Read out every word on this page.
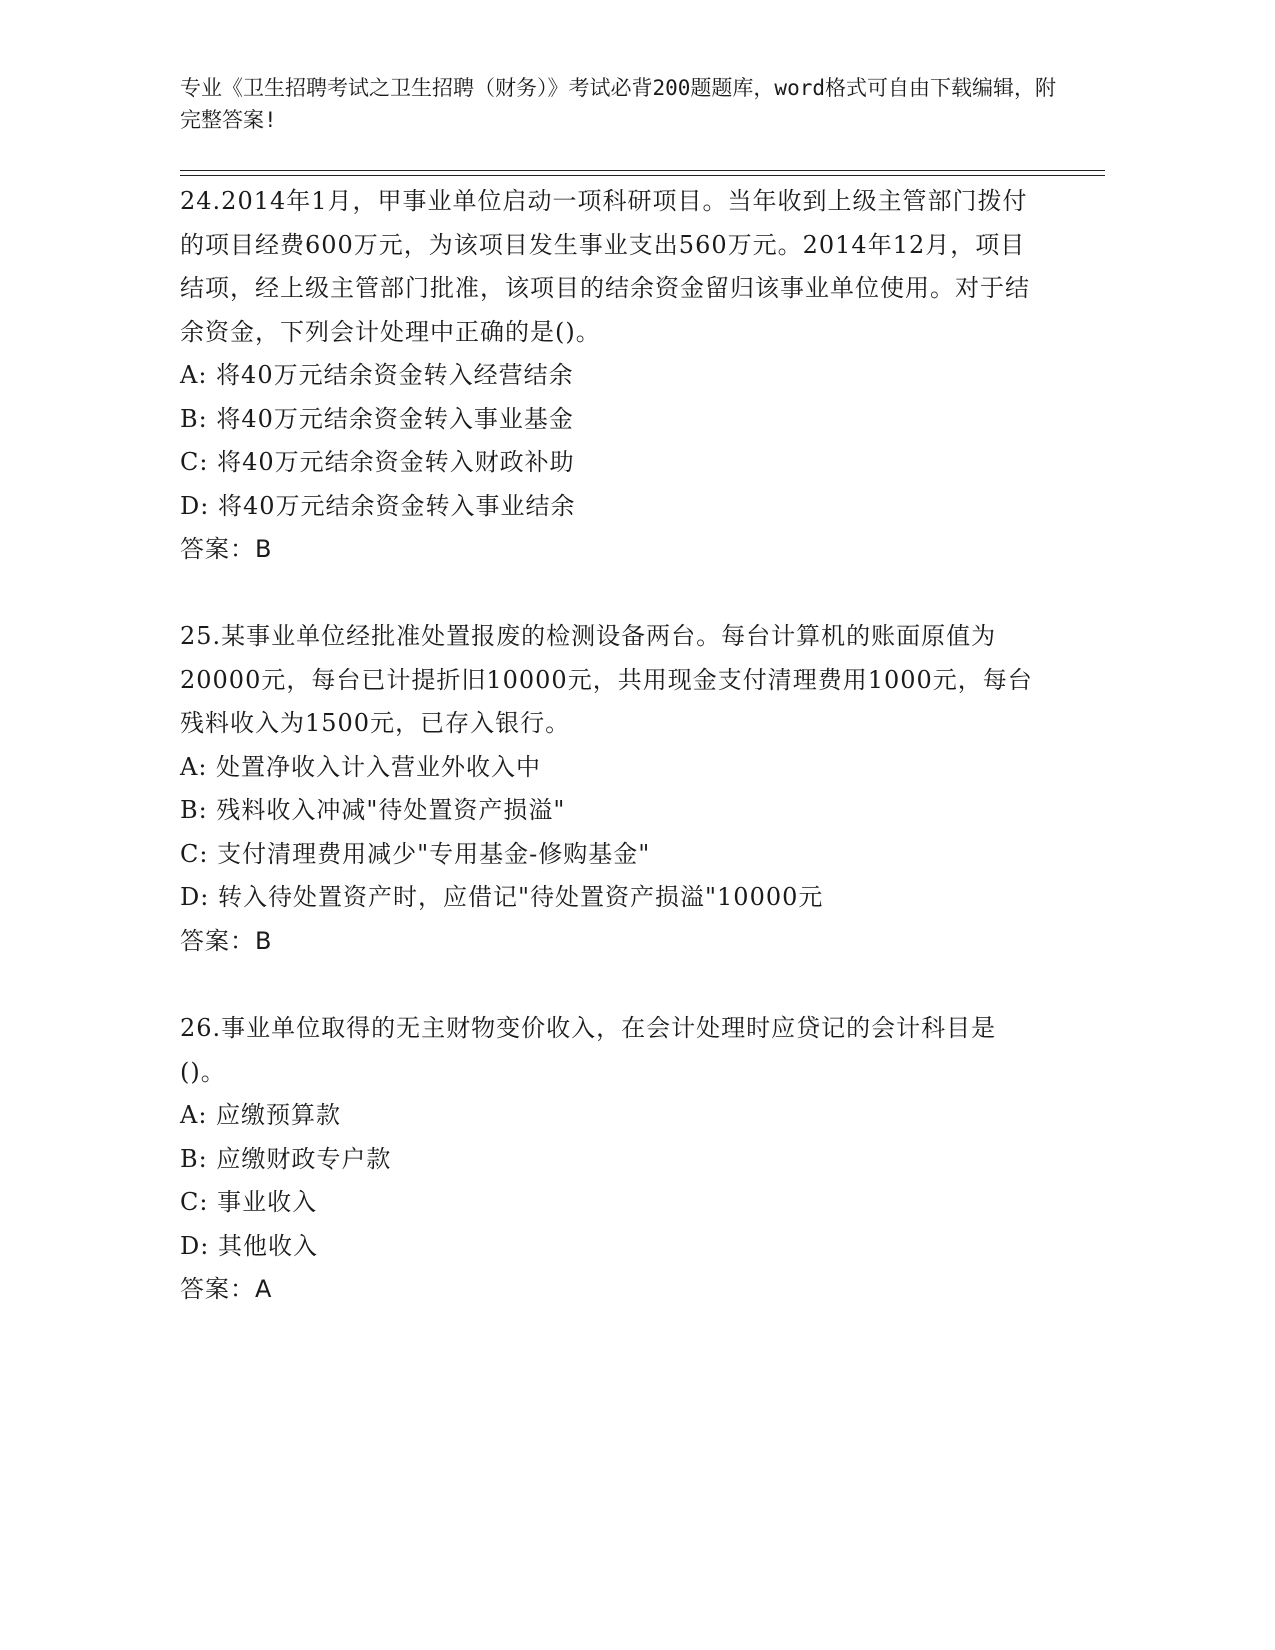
专业《卫生招聘考试之卫生招聘（财务）》考试必背200题题库，word格式可自由下载编辑，附完整答案!
24.2014年1月，甲事业单位启动一项科研项目。当年收到上级主管部门拨付的项目经费600万元，为该项目发生事业支出560万元。2014年12月，项目结项，经上级主管部门批准，该项目的结余资金留归该事业单位使用。对于结余资金，下列会计处理中正确的是()。
A: 将40万元结余资金转入经营结余
B: 将40万元结余资金转入事业基金
C: 将40万元结余资金转入财政补助
D: 将40万元结余资金转入事业结余
答案：B
25.某事业单位经批准处置报废的检测设备两台。每台计算机的账面原值为20000元，每台已计提折旧10000元，共用现金支付清理费用1000元，每台残料收入为1500元，已存入银行。
A: 处置净收入计入营业外收入中
B: 残料收入冲减"待处置资产损溢"
C: 支付清理费用减少"专用基金-修购基金"
D: 转入待处置资产时，应借记"待处置资产损溢"10000元
答案：B
26.事业单位取得的无主财物变价收入，在会计处理时应贷记的会计科目是()。
A: 应缴预算款
B: 应缴财政专户款
C: 事业收入
D: 其他收入
答案：A
